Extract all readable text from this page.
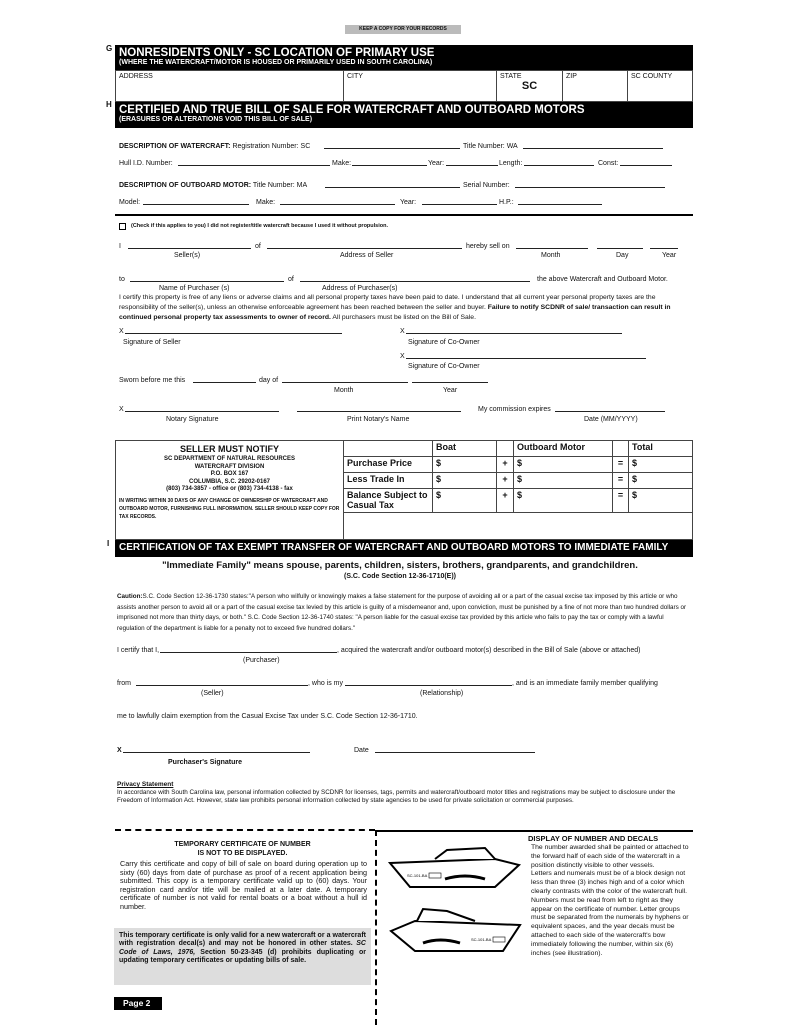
KEEP A COPY FOR YOUR RECORDS
G NONRESIDENTS ONLY - SC LOCATION OF PRIMARY USE
(WHERE THE WATERCRAFT/MOTOR IS HOUSED OR PRIMARILY USED IN SOUTH CAROLINA)
ADDRESS	CITY	STATE
SC
ZIP	SC COUNTY
H CERTIFIED AND TRUE BILL OF SALE FOR WATERCRAFT AND OUTBOARD MOTORS
(ERASURES OR ALTERATIONS VOID THIS BILL OF SALE)
DESCRIPTION OF WATERCRAFT: Registration Number: SC	Title Number: WA
Hull I.D. Number:	Make:	Year:	Length:	Const:
DESCRIPTION OF OUTBOARD MOTOR: Title Number: MA	Serial Number:
Model:	Make:	Year:	H.P.:
(Check if this applies to you) I did not register/title watercraft because I used it without propulsion.
I	of	hereby sell on
Seller(s)	Address of Seller	Month	Day	Year
to	of	the above Watercraft and Outboard Motor.
Name of Purchaser (s)	Address of Purchaser(s)
I certify this property is free of any liens or adverse claims and all personal property taxes have been paid to date. I understand that all current year personal property taxes are the responsibility of the seller(s), unless an otherwise enforceable agreement has been reached between the seller and buyer. Failure to notify SCDNR of sale/ transaction can result in continued personal property tax assessments to owner of record. All purchasers must be listed on the Bill of Sale.
X
Signature of Seller
X
Signature of Co-Owner
X
Signature of Co-Owner
Sworn before me this	day of
Month	Year
X	My commission expires
Notary Signature	Print Notary's Name	Date (MM/YYYY)
SELLER MUST NOTIFY
SC DEPARTMENT OF NATURAL RESOURCES
WATERCRAFT DIVISION
P.O. BOX 167
COLUMBIA, S.C. 29202-0167
(803) 734-3857 - office or (803) 734-4138 - fax
IN WRITING WITHIN 30 DAYS OF ANY CHANGE OF OWNERSHIP OF WATERCRAFT AND OUTBOARD MOTOR, FURNISHING FULL INFORMATION. SELLER SHOULD KEEP COPY FOR TAX RECORDS.
Boat	Outboard Motor	Total
Purchase Price	$	+	$	= $
Less Trade In	$	+	$	= $
Balance Subject to Casual Tax
$	+	$	= $
I CERTIFICATION OF TAX EXEMPT TRANSFER OF WATERCRAFT AND OUTBOARD MOTORS TO IMMEDIATE FAMILY
"Immediate Family" means spouse, parents, children, sisters, brothers, grandparents, and grandchildren.
(S.C. Code Section 12-36-1710(E))
Caution:S.C. Code Section 12-36-1730 states:"A person who wilfully or knowingly makes a false statement for the purpose of avoiding all or a part of the casual excise tax imposed by this article or who assists another person to avoid all or a part of the casual excise tax levied by this article is guilty of a misdemeanor and, upon conviction, must be punished by a fine of not more than two hundred dollars or imprisoned not more than thirty days, or both." S.C. Code Section 12-36-1740 states: "A person liable for the casual excise tax provided by this article who fails to pay the tax or comply with a lawful regulation of the department is liable for a penalty not to exceed five hundred dollars."
I certify that I,	, acquired the watercraft and/or outboard motor(s) described in the Bill of Sale (above or attached)
(Purchaser)
from	, who is my	, and is an immediate family member qualifying
(Seller)	(Relationship)
me to lawfully claim exemption from the Casual Excise Tax under S.C. Code Section 12-36-1710.
X	Date
Purchaser's Signature
Privacy Statement
In accordance with South Carolina law, personal information collected by SCDNR for licenses, tags, permits and watercraft/outboard motor titles and registrations may be subject to disclosure under the Freedom of Information Act. However, state law prohibits personal information collected by state agencies to be used for private solicitation or commercial purposes.
TEMPORARY CERTIFICATE OF NUMBER
IS NOT TO BE DISPLAYED.
Carry this certificate and copy of bill of sale on board during operation up to sixty (60) days from date of purchase as proof of a recent application being submitted. This copy is a temporary certificate valid up to (60) days. Your registration card and/or title will be mailed at a later date. A temporary certificate of number is not valid for rental boats or a boat without a hull id number.
This temporary certificate is only valid for a new watercraft or a watercraft with registration decal(s) and may not be honored in other states. SC Code of Laws, 1976, Section 50-23-345 (d) prohibits duplicating or updating temporary certificates or updating bills of sale.
Page 2
SC-101-BA
SC-101-BA
DISPLAY OF NUMBER AND DECALS
The number awarded shall be painted or attached to the forward half of each side of the watercraft in a position distinctly visible to other vessels.
Letters and numerals must be of a block design not less than three (3) inches high and of a color which clearly contrasts with the color of the watercraft hull. Numbers must be read from left to right as they appear on the certificate of number. Letter groups must be separated from the numerals by hyphens or equivalent spaces, and the year decals must be attached to each side of the watercraft's bow immediately following the number, within six (6) inches (see illustration).
